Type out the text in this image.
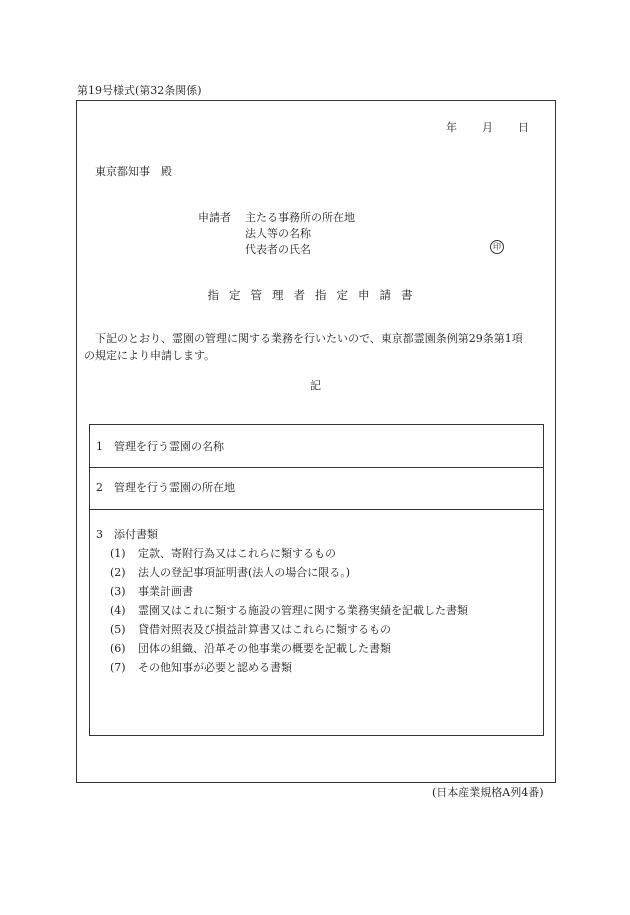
第19号様式(第32条関係)
年 月 日
東京都知事　殿
申請者 主たる事務所の所在地
法人等の名称
代表者の氏名	印
指定管理者指定申請書
下記のとおり、霊園の管理に関する業務を行いたいので、東京都霊園条例第29条第1項
の規定により申請します。
記
1　管理を行う霊園の名称
2　管理を行う霊園の所在地
3　添付書類
(1) 定款、寄附行為又はこれらに類するもの
(2) 法人の登記事項証明書(法人の場合に限る。)
(3) 事業計画書
(4) 霊園又はこれに類する施設の管理に関する業務実績を記載した書類
(5) 貸借対照表及び損益計算書又はこれらに類するもの
(6) 団体の組織、沿革その他事業の概要を記載した書類
(7) その他知事が必要と認める書類
(日本産業規格A列4番)
